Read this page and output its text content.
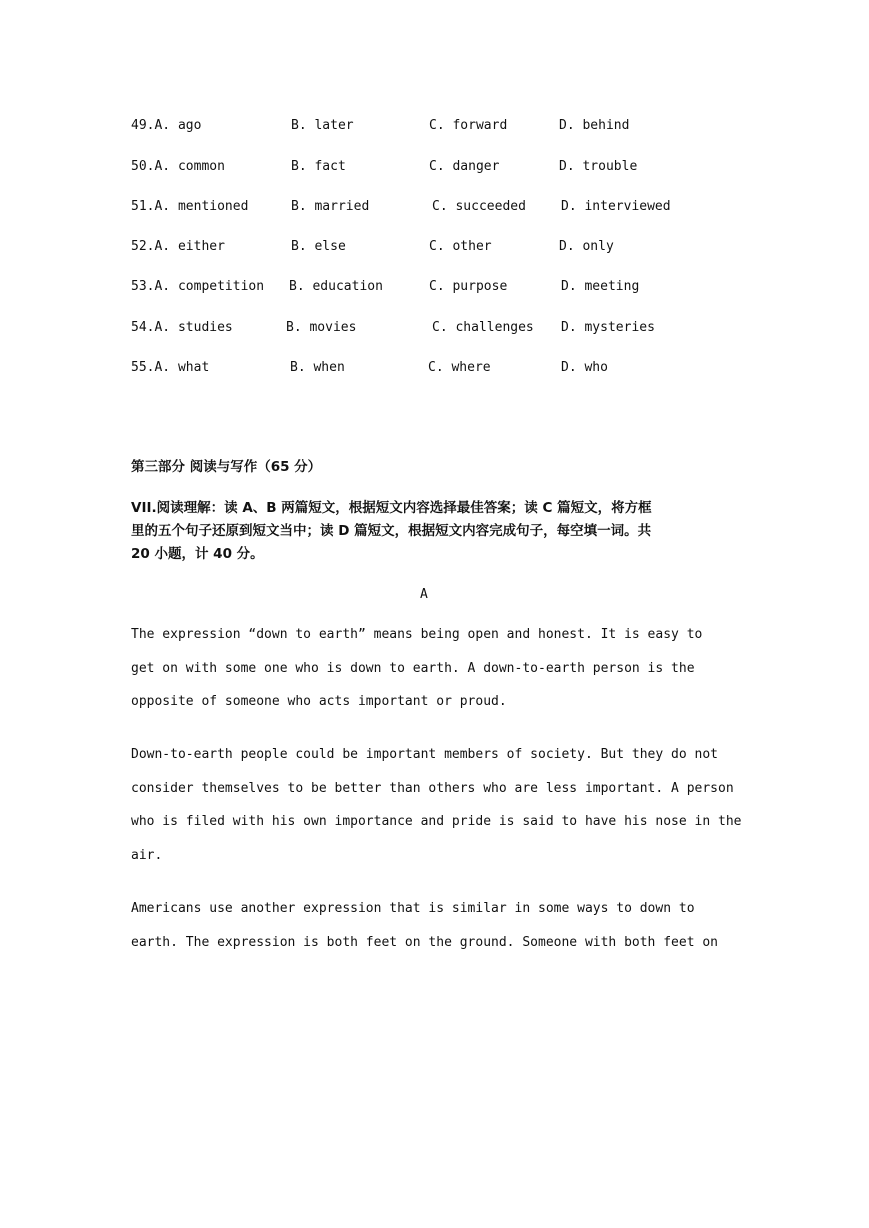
49.A. ago	B. later	C. forward	D. behind
50.A. common	B. fact	C. danger	D. trouble
51.A. mentioned	B. married	C. succeeded	D. interviewed
52.A. either	B. else	C. other	D. only
53.A. competition B. education	C. purpose	D. meeting
54.A. studies	B. movies	C. challenges D. mysteries
55.A. what	B. when	C. where	D. who
第三部分 阅读与写作（65 分）
VII.阅读理解：读 A、B 两篇短文，根据短文内容选择最佳答案；读 C 篇短文，将方框
里的五个句子还原到短文当中；读 D 篇短文，根据短文内容完成句子，每空填一词。共
20 小题，计 40 分。
A
The expression “down to earth” means being open and honest. It is easy to
get on with some one who is down to earth. A down-to-earth person is the
opposite of someone who acts important or proud.
Down-to-earth people could be important members of society. But they do not
consider themselves to be better than others who are less important. A person
who is filed with his own importance and pride is said to have his nose in the
air.
Americans use another expression that is similar in some ways to down to
earth. The expression is both feet on the ground. Someone with both feet on
